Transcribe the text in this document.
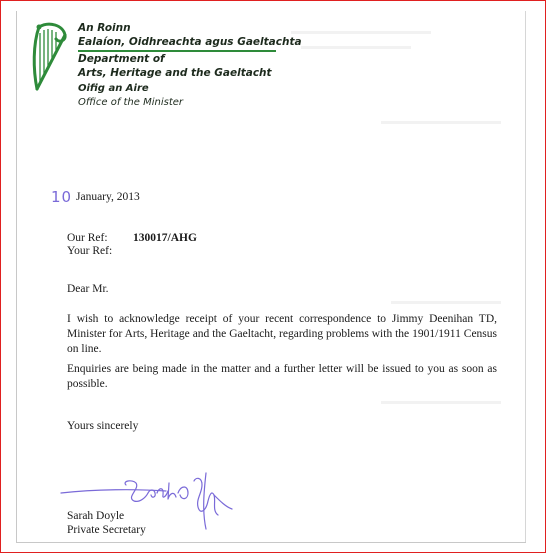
An Roinn
Ealaíon, Oidhreachta agus Gaeltachta
Department of
Arts, Heritage and the Gaeltacht
Oifig an Aire
Office of the Minister
10 January, 2013
Our Ref: 130017/AHG
Your Ref:
Dear Mr.
I wish to acknowledge receipt of your recent correspondence to Jimmy Deenihan TD, Minister for Arts, Heritage and the Gaeltacht, regarding problems with the 1901/1911 Census on line.
Enquiries are being made in the matter and a further letter will be issued to you as soon as possible.
Yours sincerely
Sarah Doyle
Private Secretary
